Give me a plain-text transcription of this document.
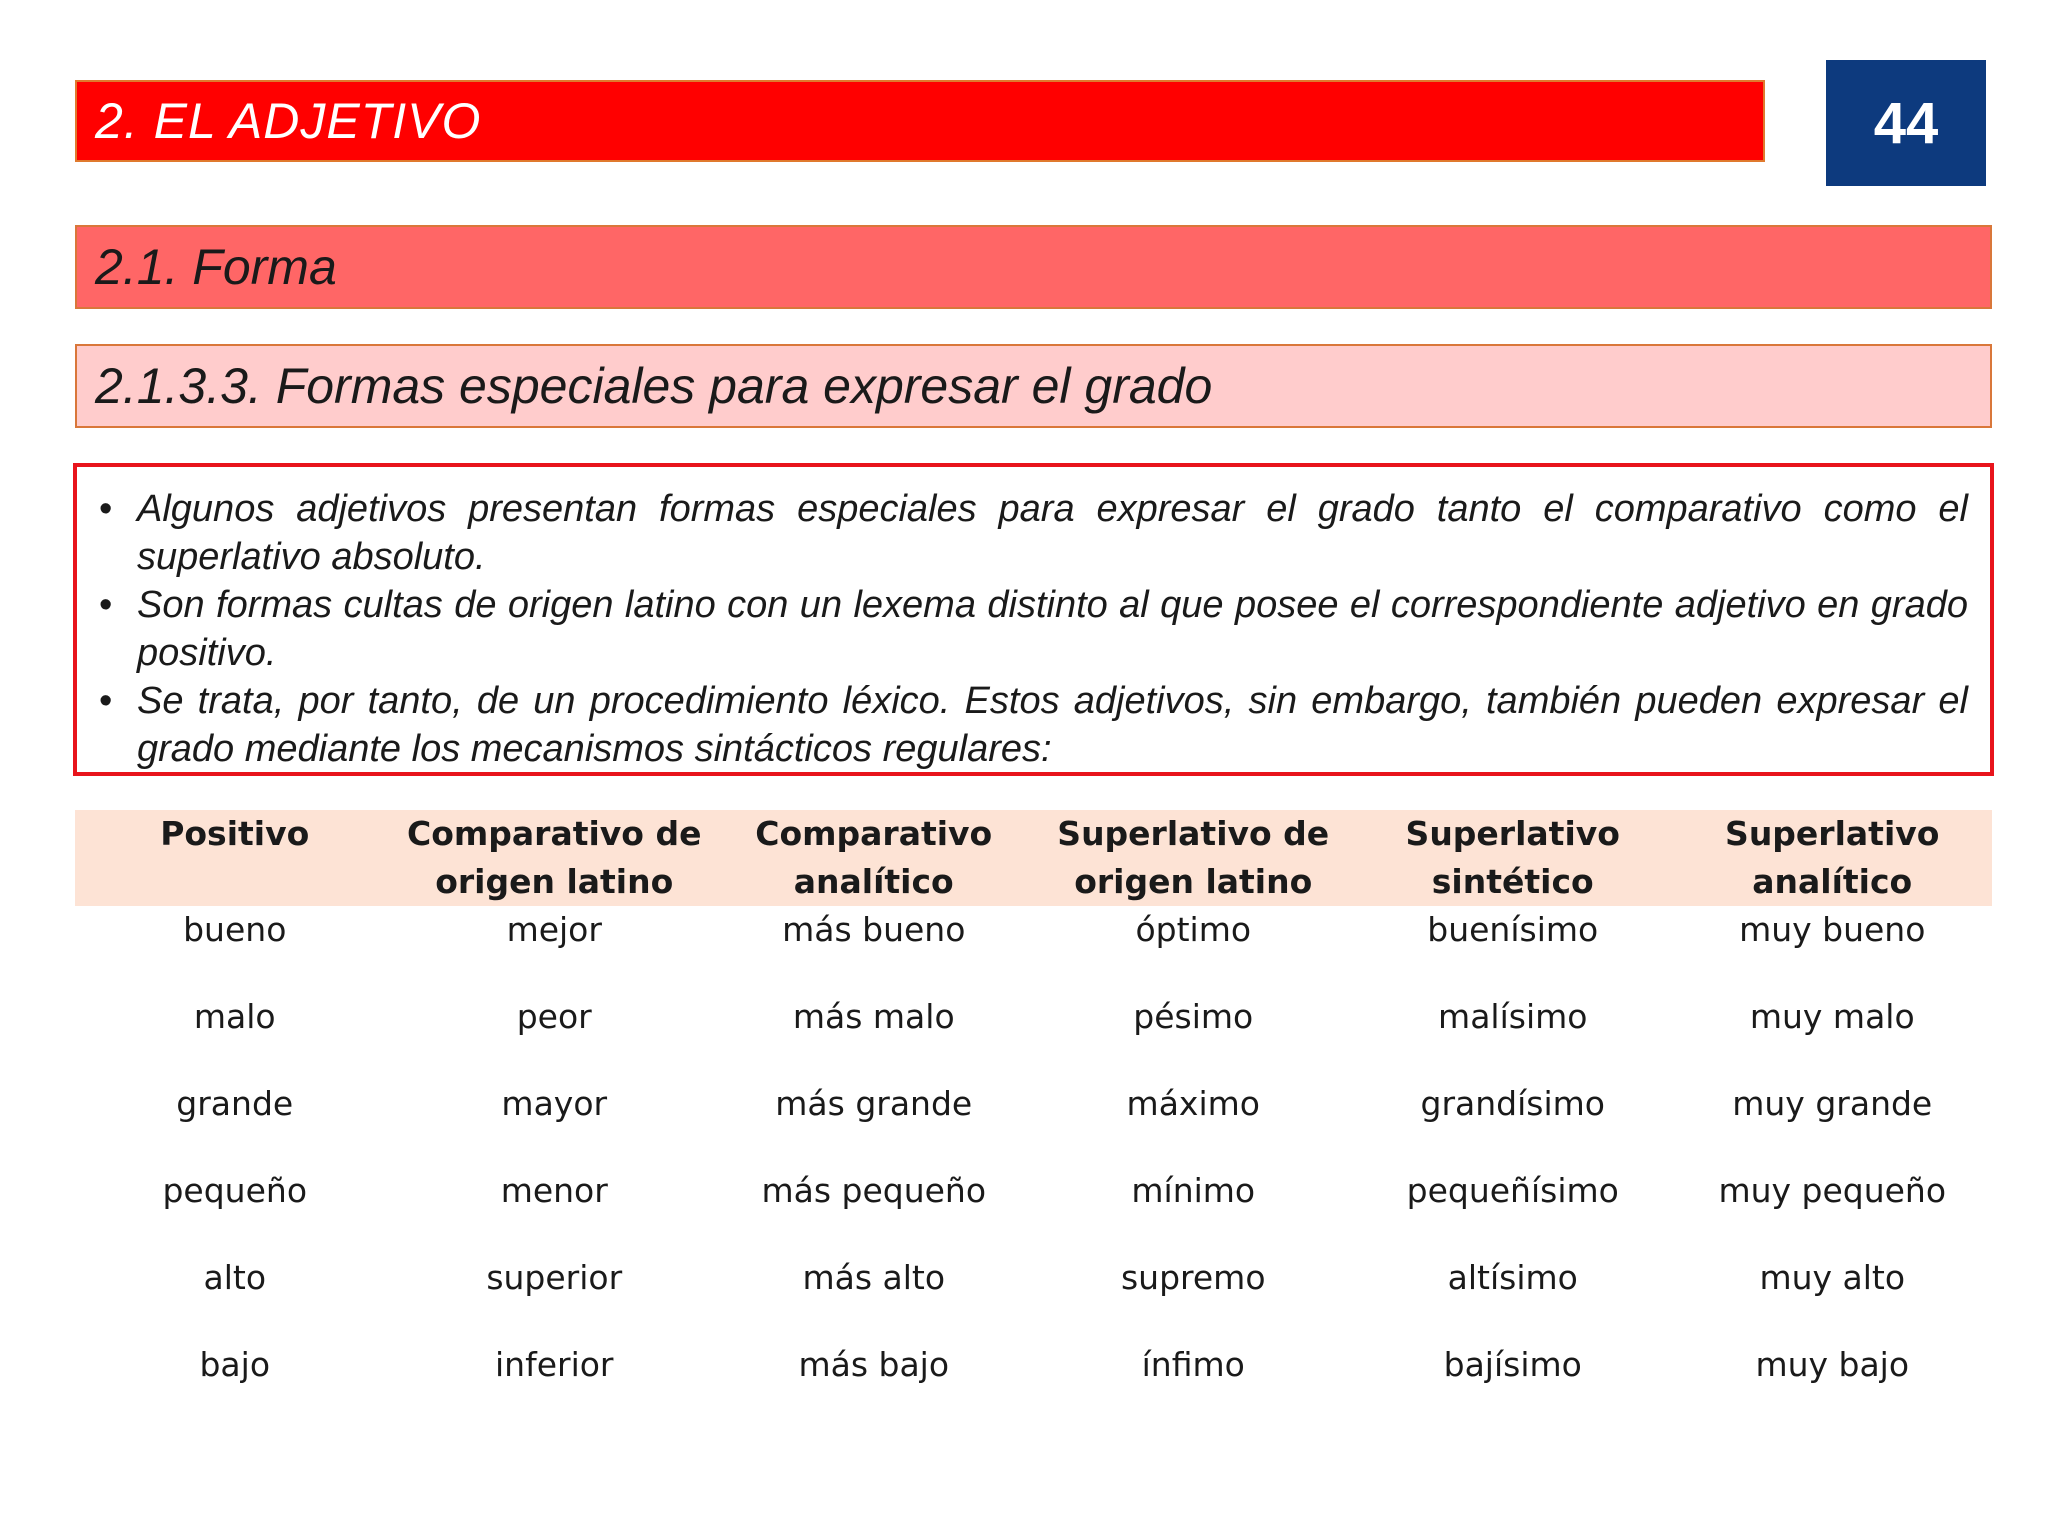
2. EL ADJETIVO	44
2.1. Forma
2.1.3.3. Formas especiales para expresar el grado
• Algunos adjetivos presentan formas especiales para expresar el grado tanto el comparativo como el superlativo absoluto.
• Son formas cultas de origen latino con un lexema distinto al que posee el correspondiente adjetivo en grado positivo.
• Se trata, por tanto, de un procedimiento léxico. Estos adjetivos, sin embargo, también pueden expresar el grado mediante los mecanismos sintácticos regulares:
Positivo	Comparativo de origen latino	Comparativo analítico	Superlativo de origen latino	Superlativo sintético	Superlativo analítico
bueno	mejor	más bueno	óptimo	buenísimo	muy bueno
malo	peor	más malo	pésimo	malísimo	muy malo
grande	mayor	más grande	máximo	grandísimo	muy grande
pequeño	menor	más pequeño	mínimo	pequeñísimo	muy pequeño
alto	superior	más alto	supremo	altísimo	muy alto
bajo	inferior	más bajo	ínfimo	bajísimo	muy bajo
